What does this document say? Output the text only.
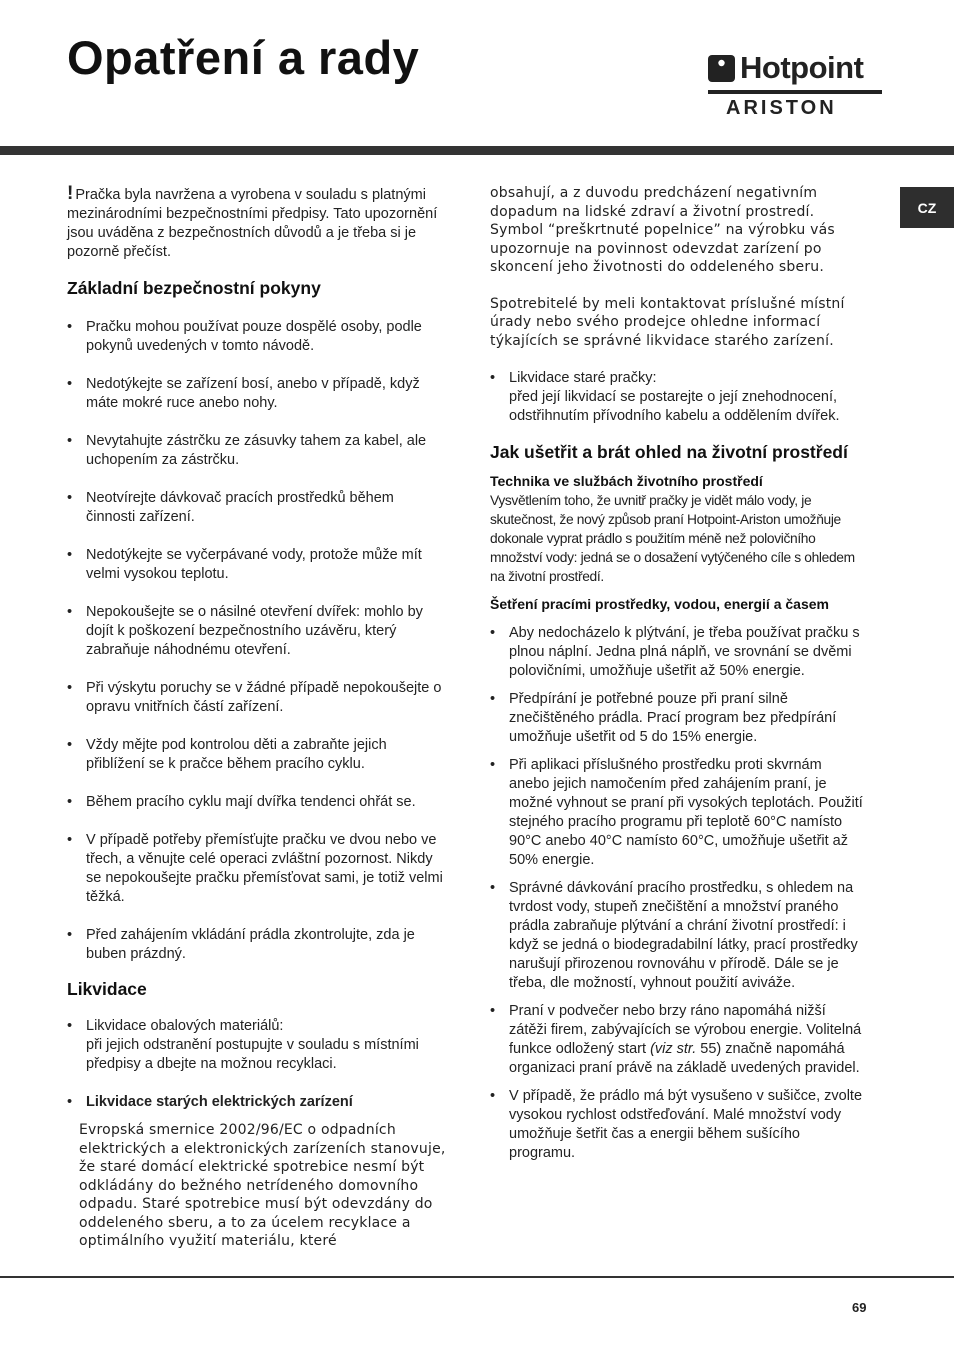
Opatření a rady	Hotpoint
ARISTON
CZ

! Pračka byla navržena a vyrobena v souladu s platnými mezinárodními bezpečnostními předpisy. Tato upozornění jsou uváděna z bezpečnostních důvodů a je třeba si je pozorně přečíst.

Základní bezpečnostní pokyny
• Pračku mohou používat pouze dospělé osoby, podle pokynů uvedených v tomto návodě.
• Nedotýkejte se zařízení bosí, anebo v případě, když máte mokré ruce anebo nohy.
• Nevytahujte zástrčku ze zásuvky tahem za kabel, ale uchopením za zástrčku.
• Neotvírejte dávkovač pracích prostředků během činnosti zařízení.
• Nedotýkejte se vyčerpávané vody, protože může mít velmi vysokou teplotu.
• Nepokoušejte se o násilné otevření dvířek: mohlo by dojít k poškození bezpečnostního uzávěru, který zabraňuje náhodnému otevření.
• Při výskytu poruchy se v žádné případě nepokoušejte o opravu vnitřních částí zařízení.
• Vždy mějte pod kontrolou děti a zabraňte jejich přiblížení se k pračce během pracího cyklu.
• Během pracího cyklu mají dvířka tendenci ohřát se.
• V případě potřeby přemísťujte pračku ve dvou nebo ve třech, a věnujte celé operaci zvláštní pozornost. Nikdy se nepokoušejte pračku přemísťovat sami, je totiž velmi těžká.
• Před zahájením vkládání prádla zkontrolujte, zda je buben prázdný.
Likvidace
• Likvidace obalových materiálů:
při jejich odstranění postupujte v souladu s místními předpisy a dbejte na možnou recyklaci.
• Likvidace starých elektrických zarízení

Evropská smernice 2002/96/EC o odpadních elektrických a elektronických zarízeních stanovuje, že staré domácí elektrické spotrebice nesmí být odkládány do bežného netrídeného domovního odpadu. Staré spotrebice musí být odevzdány do oddeleného sberu, a to za úcelem recyklace a optimálního využití materiálu, které

obsahují, a z duvodu predcházení negativním dopadum na lidské zdraví a životní prostredí. Symbol “preškrtnuté popelnice” na výrobku vás upozornuje na povinnost odevzdat zarízení po skoncení jeho životnosti do oddeleného sberu.

Spotrebitelé by meli kontaktovat príslušné místní úrady nebo svého prodejce ohledne informací týkajících se správné likvidace starého zarízení.

• Likvidace staré pračky:
před její likvidací se postarejte o její znehodnocení, odstřihnutím přívodního kabelu a oddělením dvířek.
Jak ušetřit a brát ohled na životní prostředí
Technika ve službách životního prostředí

Vysvětlením toho, že uvnitř pračky je vidět málo vody, je skutečnost, že nový způsob praní Hotpoint-Ariston umožňuje dokonale vyprat prádlo s použitím méně než polovičního množství vody: jedná se o dosažení vytýčeného cíle s ohledem na životní prostředí.

Šetření pracími prostředky, vodou, energií a časem
• Aby nedocházelo k plýtvání, je třeba používat pračku s plnou náplní. Jedna plná náplň, ve srovnání se dvěmi polovičními, umožňuje ušetřit až 50% energie.
• Předpírání je potřebné pouze při praní silně znečištěného prádla. Prací program bez předpírání umožňuje ušetřit od 5 do 15% energie.
• Při aplikaci příslušného prostředku proti skvrnám anebo jejich namočením před zahájením praní, je možné vyhnout se praní při vysokých teplotách. Použití stejného pracího programu při teplotě 60°C namísto 90°C anebo 40°C namísto 60°C, umožňuje ušetřit až 50% energie.
• Správné dávkování pracího prostředku, s ohledem na tvrdost vody, stupeň znečištění a množství praného prádla zabraňuje plýtvání a chrání životní prostředí: i když se jedná o biodegradabilní látky, prací prostředky narušují přirozenou rovnováhu v přírodě. Dále se je třeba, dle možností, vyhnout použití aviváže.
• Praní v podvečer nebo brzy ráno napomáhá nižší zátěži firem, zabývajících se výrobou energie. Volitelná funkce odložený start (viz str. 55) značně napomáhá organizaci praní právě na základě uvedených pravidel.
• V případě, že prádlo má být vysušeno v sušičce, zvolte vysokou rychlost odstřeďování. Malé množství vody umožňuje šetřit čas a energii během sušícího programu.
69
